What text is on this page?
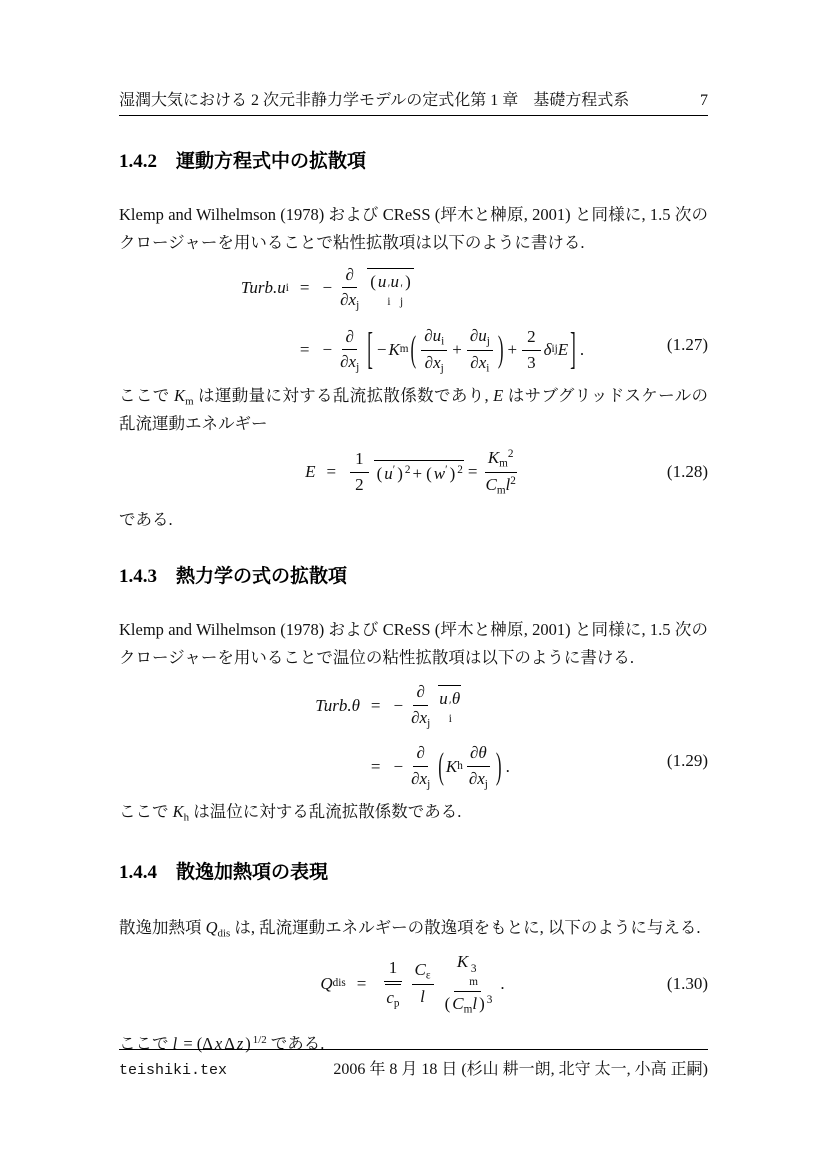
湿潤大気における 2 次元非静力学モデルの定式化第 1 章 基礎方程式系	7
1.4.2 運動方程式中の拡散項

Klemp and Wilhelmson (1978) および CReSS (坪木と榊原, 2001) と同様に, 1.5 次のクロージャーを用いることで粘性拡散項は以下のように書ける.

Turb.u i = −
∂
∂xj
( u ′
i
u ′
j
)
= −
∂
∂xj [ − K m ( ∂ui
∂xj
+ $\frac{\partial uj}{\partial xi}$ ) + $\frac{2}{3}$ δ ij E ] .	(1.27)

ここで Km は運動量に対する乱流拡散係数であり, E はサブグリッドスケールの乱流運動エネルギー

E =
1
2
( u′ ) $^2$ + ( w′ ) $^2$ =
$Km^2$
Cml$^2$	(1.28)

である.

1.4.3 熱力学の式の拡散項

Klemp and Wilhelmson (1978) および CReSS (坪木と榊原, 2001) と同様に, 1.5 次のクロージャーを用いることで温位の粘性拡散項は以下のように書ける.

Turb.θ = −
∂
∂xj
u ′
i
θ
= −
∂
∂xj ( K h
∂θ
∂xj ) .	(1.29)

ここで Kh は温位に対する乱流拡散係数である.

1.4.4 散逸加熱項の表現

散逸加熱項 Qdis は, 乱流運動エネルギーの散逸項をもとに, 以下のように与える.

Q dis =
1
cp
Cε
l
K 3
m
( Cml ) $^3$
.	(1.30)

ここで l = (Δ x Δ z ) $^{1/2}$ である.

teishiki.tex	2006 年 8 月 18 日 (杉山 耕一朗, 北守 太一, 小高 正嗣)
